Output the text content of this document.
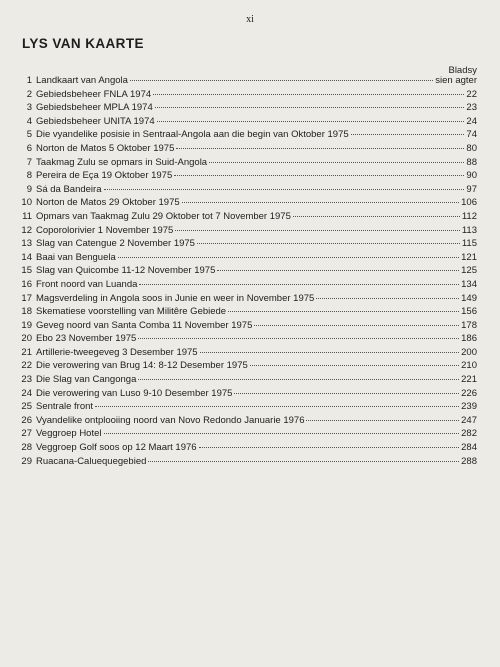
xi
LYS VAN KAARTE
Bladsy
1 Landkaart van Angola	sien agter
2 Gebiedsbeheer FNLA 1974	22
3 Gebiedsbeheer MPLA 1974	23
4 Gebiedsbeheer UNITA 1974	24
5 Die vyandelike posisie in Sentraal-Angola aan die begin van Oktober 1975	74
6 Norton de Matos 5 Oktober 1975	80
7 Taakmag Zulu se opmars in Suid-Angola	88
8 Pereira de Eça 19 Oktober 1975	90
9 Sá da Bandeira	97
10 Norton de Matos 29 Oktober 1975	106
11 Opmars van Taakmag Zulu 29 Oktober tot 7 November 1975	112
12 Coporolorivier 1 November 1975	113
13 Slag van Catengue 2 November 1975	115
14 Baai van Benguela	121
15 Slag van Quicombe 11-12 November 1975	125
16 Front noord van Luanda	134
17 Magsverdeling in Angola soos in Junie en weer in November 1975	149
18 Skematiese voorstelling van Militêre Gebiede	156
19 Geveg noord van Santa Comba 11 November 1975	178
20 Ebo 23 November 1975	186
21 Artillerie-tweegeveg 3 Desember 1975	200
22 Die verowering van Brug 14: 8-12 Desember 1975	210
23 Die Slag van Cangonga	221
24 Die verowering van Luso 9-10 Desember 1975	226
25 Sentrale front	239
26 Vyandelike ontplooiing noord van Novo Redondo Januarie 1976	247
27 Veggroep Hotel	282
28 Veggroep Golf soos op 12 Maart 1976	284
29 Ruacana-Caluequegebied	288
